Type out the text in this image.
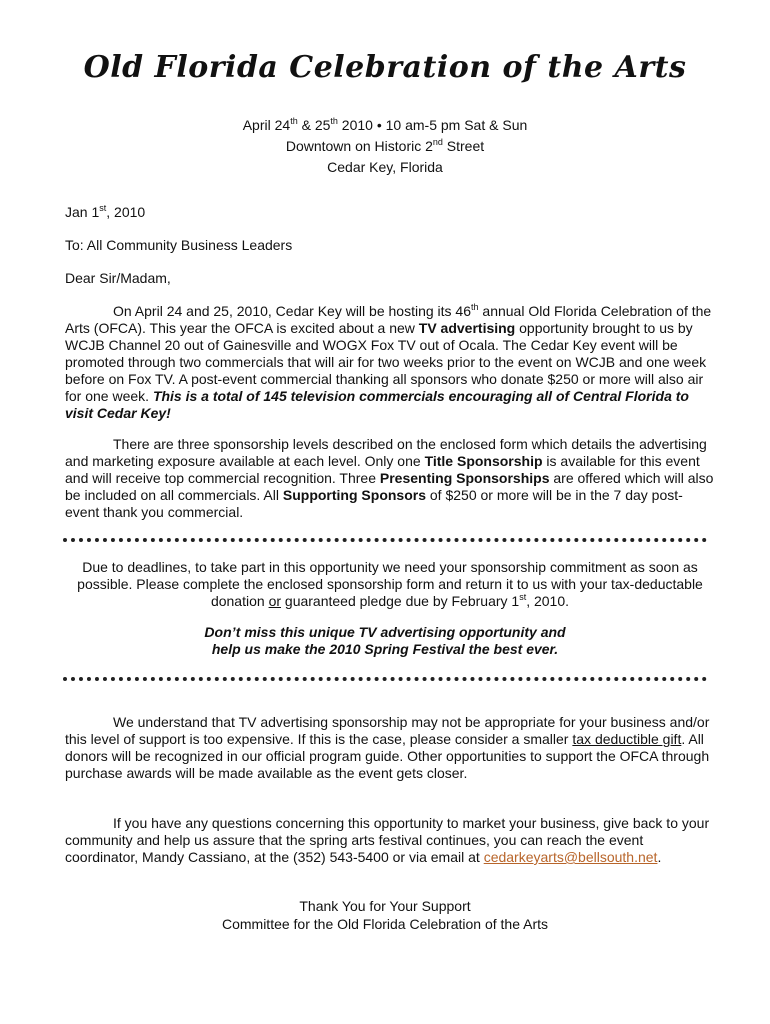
Old Florida Celebration of the Arts
April 24th & 25th 2010 • 10 am-5 pm Sat & Sun
Downtown on Historic 2nd Street
Cedar Key, Florida
Jan 1st, 2010
To: All Community Business Leaders
Dear Sir/Madam,
On April 24 and 25, 2010, Cedar Key will be hosting its 46th annual Old Florida Celebration of the Arts (OFCA). This year the OFCA is excited about a new TV advertising opportunity brought to us by WCJB Channel 20 out of Gainesville and WOGX Fox TV out of Ocala. The Cedar Key event will be promoted through two commercials that will air for two weeks prior to the event on WCJB and one week before on Fox TV. A post-event commercial thanking all sponsors who donate $250 or more will also air for one week. This is a total of 145 television commercials encouraging all of Central Florida to visit Cedar Key!
There are three sponsorship levels described on the enclosed form which details the advertising and marketing exposure available at each level. Only one Title Sponsorship is available for this event and will receive top commercial recognition. Three Presenting Sponsorships are offered which will also be included on all commercials. All Supporting Sponsors of $250 or more will be in the 7 day post-event thank you commercial.
Due to deadlines, to take part in this opportunity we need your sponsorship commitment as soon as possible. Please complete the enclosed sponsorship form and return it to us with your tax-deductable donation or guaranteed pledge due by February 1st, 2010.
Don’t miss this unique TV advertising opportunity and
help us make the 2010 Spring Festival the best ever.
We understand that TV advertising sponsorship may not be appropriate for your business and/or this level of support is too expensive. If this is the case, please consider a smaller tax deductible gift. All donors will be recognized in our official program guide. Other opportunities to support the OFCA through purchase awards will be made available as the event gets closer.
If you have any questions concerning this opportunity to market your business, give back to your community and help us assure that the spring arts festival continues, you can reach the event coordinator, Mandy Cassiano, at the (352) 543-5400 or via email at cedarkeyarts@bellsouth.net.
Thank You for Your Support
Committee for the Old Florida Celebration of the Arts
